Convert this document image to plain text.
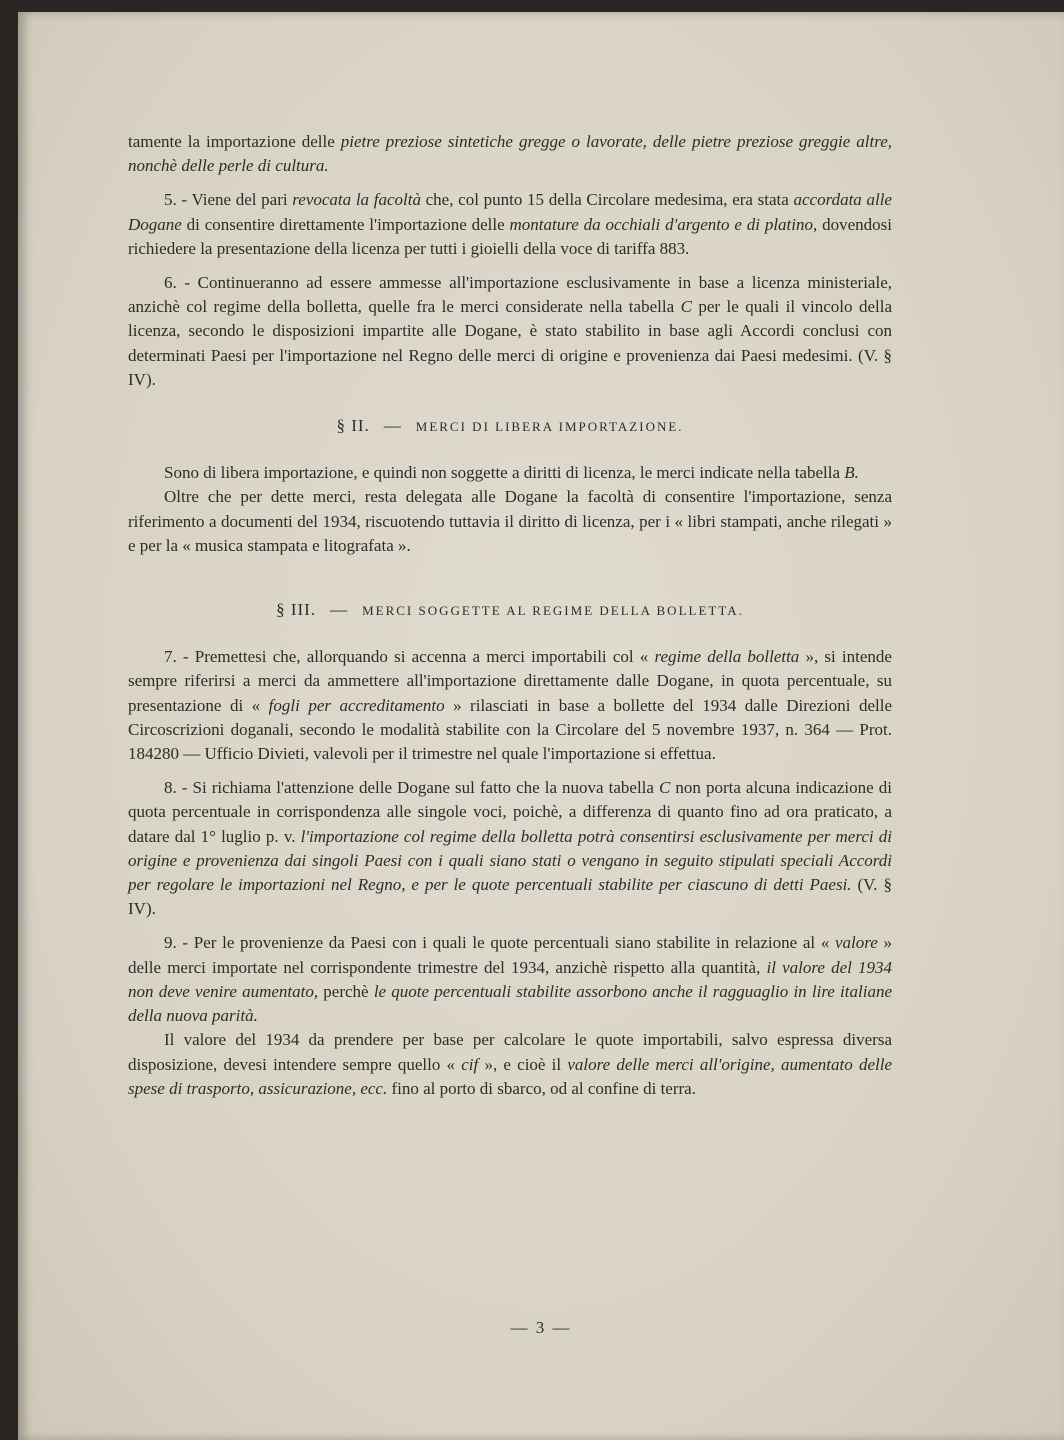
tamente la importazione delle pietre preziose sintetiche gregge o lavorate, delle pietre preziose greggie altre, nonchè delle perle di cultura.

5. - Viene del pari revocata la facoltà che, col punto 15 della Circolare medesima, era stata accordata alle Dogane di consentire direttamente l'importazione delle montature da occhiali d'argento e di platino, dovendosi richiedere la presentazione della licenza per tutti i gioielli della voce di tariffa 883.

6. - Continueranno ad essere ammesse all'importazione esclusivamente in base a licenza ministeriale, anzichè col regime della bolletta, quelle fra le merci considerate nella tabella C per le quali il vincolo della licenza, secondo le disposizioni impartite alle Dogane, è stato stabilito in base agli Accordi conclusi con determinati Paesi per l'importazione nel Regno delle merci di origine e provenienza dai Paesi medesimi. (V. § IV).

§ II. — MERCI DI LIBERA IMPORTAZIONE.

Sono di libera importazione, e quindi non soggette a diritti di licenza, le merci indicate nella tabella B.

Oltre che per dette merci, resta delegata alle Dogane la facoltà di consentire l'importazione, senza riferimento a documenti del 1934, riscuotendo tuttavia il diritto di licenza, per i « libri stampati, anche rilegati » e per la « musica stampata e litografata ».

§ III. — MERCI SOGGETTE AL REGIME DELLA BOLLETTA.

7. - Premettesi che, allorquando si accenna a merci importabili col « regime della bolletta », si intende sempre riferirsi a merci da ammettere all'importazione direttamente dalle Dogane, in quota percentuale, su presentazione di « fogli per accreditamento » rilasciati in base a bollette del 1934 dalle Direzioni delle Circoscrizioni doganali, secondo le modalità stabilite con la Circolare del 5 novembre 1937, n. 364 — Prot. 184280 — Ufficio Divieti, valevoli per il trimestre nel quale l'importazione si effettua.

8. - Si richiama l'attenzione delle Dogane sul fatto che la nuova tabella C non porta alcuna indicazione di quota percentuale in corrispondenza alle singole voci, poichè, a differenza di quanto fino ad ora praticato, a datare dal 1° luglio p. v. l'importazione col regime della bolletta potrà consentirsi esclusivamente per merci di origine e provenienza dai singoli Paesi con i quali siano stati o vengano in seguito stipulati speciali Accordi per regolare le importazioni nel Regno, e per le quote percentuali stabilite per ciascuno di detti Paesi. (V. § IV).

9. - Per le provenienze da Paesi con i quali le quote percentuali siano stabilite in relazione al « valore » delle merci importate nel corrispondente trimestre del 1934, anzichè rispetto alla quantità, il valore del 1934 non deve venire aumentato, perchè le quote percentuali stabilite assorbono anche il ragguaglio in lire italiane della nuova parità.

Il valore del 1934 da prendere per base per calcolare le quote importabili, salvo espressa diversa disposizione, devesi intendere sempre quello « cif », e cioè il valore delle merci all'origine, aumentato delle spese di trasporto, assicurazione, ecc. fino al porto di sbarco, od al confine di terra.

— 3 —
